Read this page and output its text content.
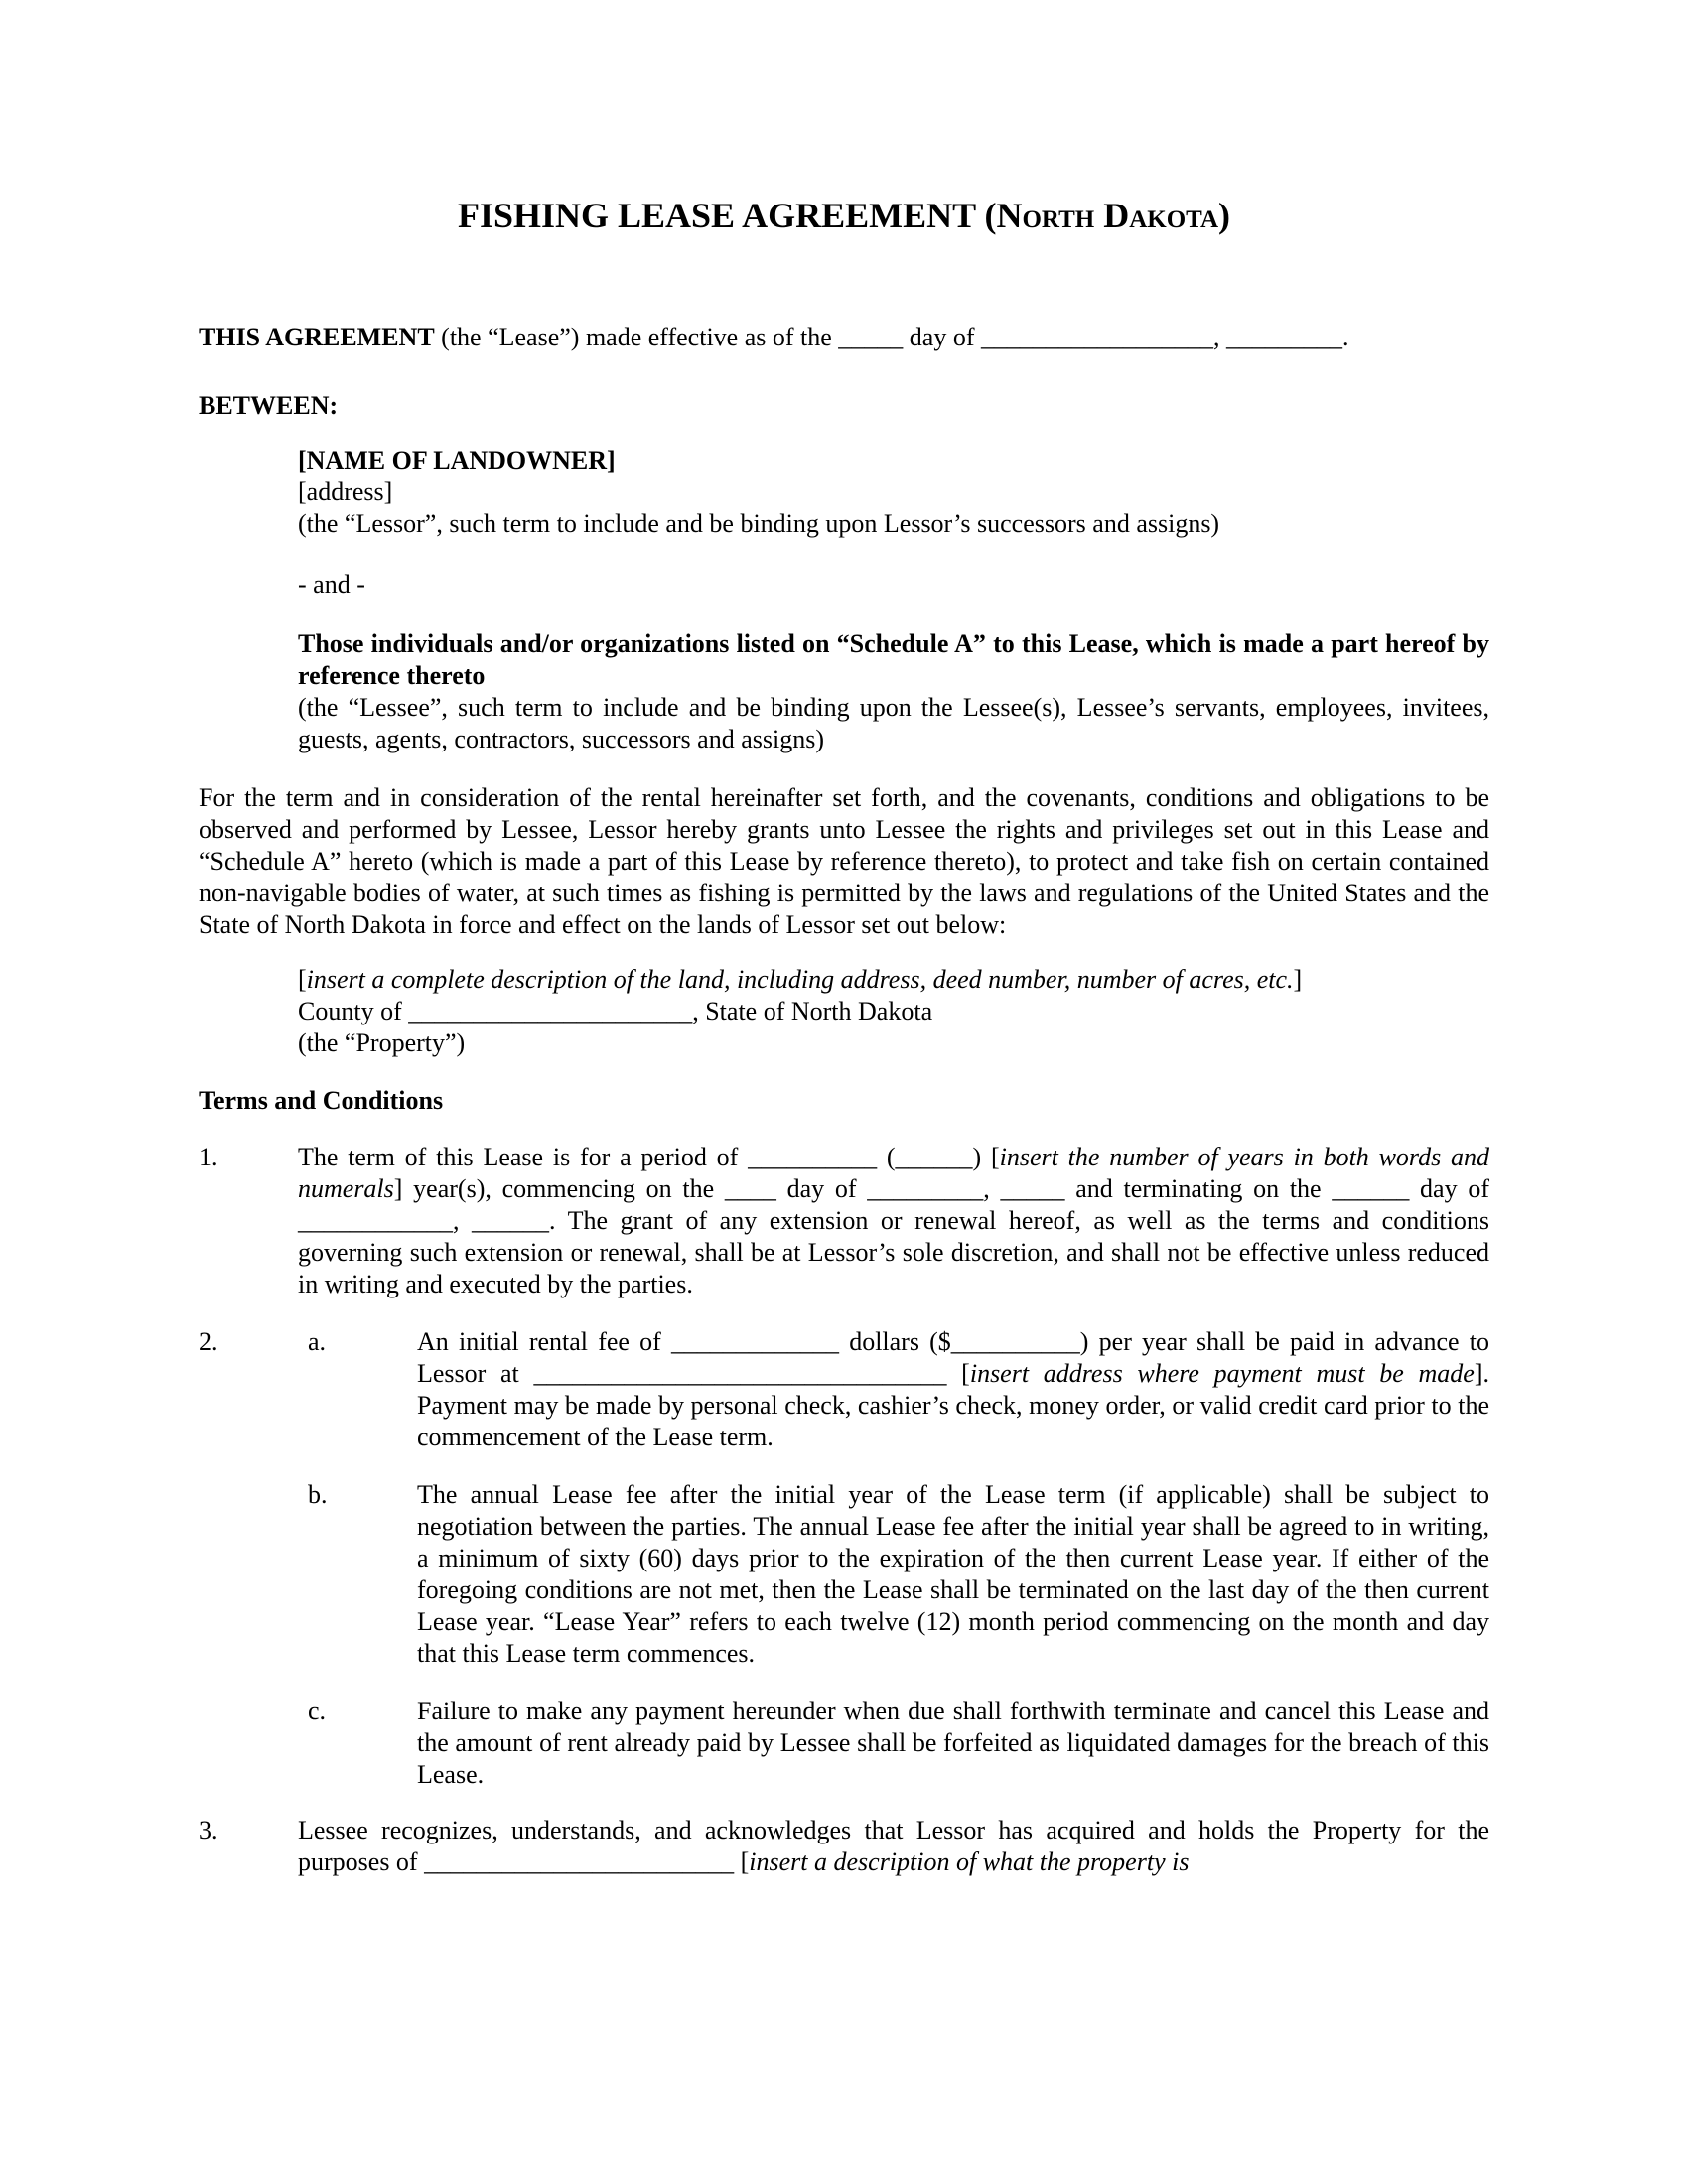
FISHING LEASE AGREEMENT (North Dakota)
THIS AGREEMENT (the “Lease”) made effective as of the _____ day of __________________, _________.
BETWEEN:
[NAME OF LANDOWNER]
[address]
(the “Lessor”, such term to include and be binding upon Lessor’s successors and assigns)
- and -
Those individuals and/or organizations listed on “Schedule A” to this Lease, which is made a part hereof by reference thereto
(the “Lessee”, such term to include and be binding upon the Lessee(s), Lessee’s servants, employees, invitees, guests, agents, contractors, successors and assigns)
For the term and in consideration of the rental hereinafter set forth, and the covenants, conditions and obligations to be observed and performed by Lessee, Lessor hereby grants unto Lessee the rights and privileges set out in this Lease and “Schedule A” hereto (which is made a part of this Lease by reference thereto), to protect and take fish on certain contained non-navigable bodies of water, at such times as fishing is permitted by the laws and regulations of the United States and the State of North Dakota in force and effect on the lands of Lessor set out below:
[insert a complete description of the land, including address, deed number, number of acres, etc.]
County of ______________________, State of North Dakota
(the “Property”)
Terms and Conditions
1.	The term of this Lease is for a period of __________ (______) [insert the number of years in both words and numerals] year(s), commencing on the ____ day of _________, _____ and terminating on the ______ day of ____________, ______. The grant of any extension or renewal hereof, as well as the terms and conditions governing such extension or renewal, shall be at Lessor’s sole discretion, and shall not be effective unless reduced in writing and executed by the parties.
2.	a.	An initial rental fee of _____________ dollars ($__________) per year shall be paid in advance to Lessor at ________________________________ [insert address where payment must be made]. Payment may be made by personal check, cashier’s check, money order, or valid credit card prior to the commencement of the Lease term.
b.	The annual Lease fee after the initial year of the Lease term (if applicable) shall be subject to negotiation between the parties. The annual Lease fee after the initial year shall be agreed to in writing, a minimum of sixty (60) days prior to the expiration of the then current Lease year. If either of the foregoing conditions are not met, then the Lease shall be terminated on the last day of the then current Lease year. “Lease Year” refers to each twelve (12) month period commencing on the month and day that this Lease term commences.
c.	Failure to make any payment hereunder when due shall forthwith terminate and cancel this Lease and the amount of rent already paid by Lessee shall be forfeited as liquidated damages for the breach of this Lease.
3.	Lessee recognizes, understands, and acknowledges that Lessor has acquired and holds the Property for the purposes of ________________________ [insert a description of what the property is
